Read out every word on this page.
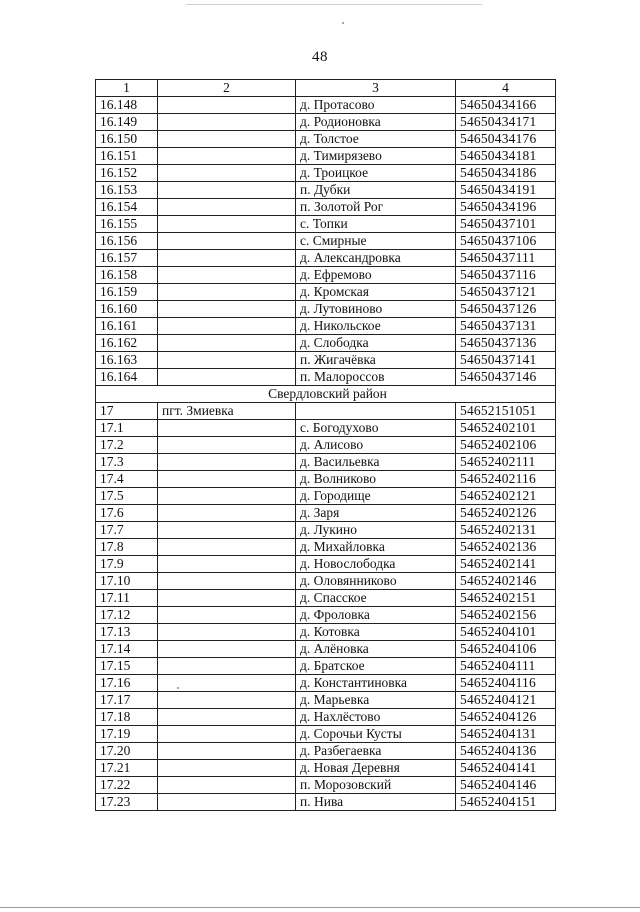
48
1	2	3	4
16.148		д. Протасово	54650434166
16.149		д. Родионовка	54650434171
16.150		д. Толстое	54650434176
16.151		д. Тимирязево	54650434181
16.152		д. Троицкое	54650434186
16.153		п. Дубки	54650434191
16.154		п. Золотой Рог	54650434196
16.155		с. Топки	54650437101
16.156		с. Смирные	54650437106
16.157		д. Александровка	54650437111
16.158		д. Ефремово	54650437116
16.159		д. Кромская	54650437121
16.160		д. Лутовиново	54650437126
16.161		д. Никольское	54650437131
16.162		д. Слободка	54650437136
16.163		п. Жигачёвка	54650437141
16.164		п. Малороссов	54650437146
Свердловский район			
17	пгт. Змиевка		54652151051
17.1		с. Богодухово	54652402101
17.2		д. Алисово	54652402106
17.3		д. Васильевка	54652402111
17.4		д. Волниково	54652402116
17.5		д. Городище	54652402121
17.6		д. Заря	54652402126
17.7		д. Лукино	54652402131
17.8		д. Михайловка	54652402136
17.9		д. Новослободка	54652402141
17.10		д. Оловянниково	54652402146
17.11		д. Спасское	54652402151
17.12		д. Фроловка	54652402156
17.13		д. Котовка	54652404101
17.14		д. Алёновка	54652404106
17.15		д. Братское	54652404111
17.16		д. Константиновка	54652404116
17.17		д. Марьевка	54652404121
17.18		д. Нахлёстово	54652404126
17.19		д. Сорочьи Кусты	54652404131
17.20		д. Разбегаевка	54652404136
17.21		д. Новая Деревня	54652404141
17.22		п. Морозовский	54652404146
17.23		п. Нива	54652404151
